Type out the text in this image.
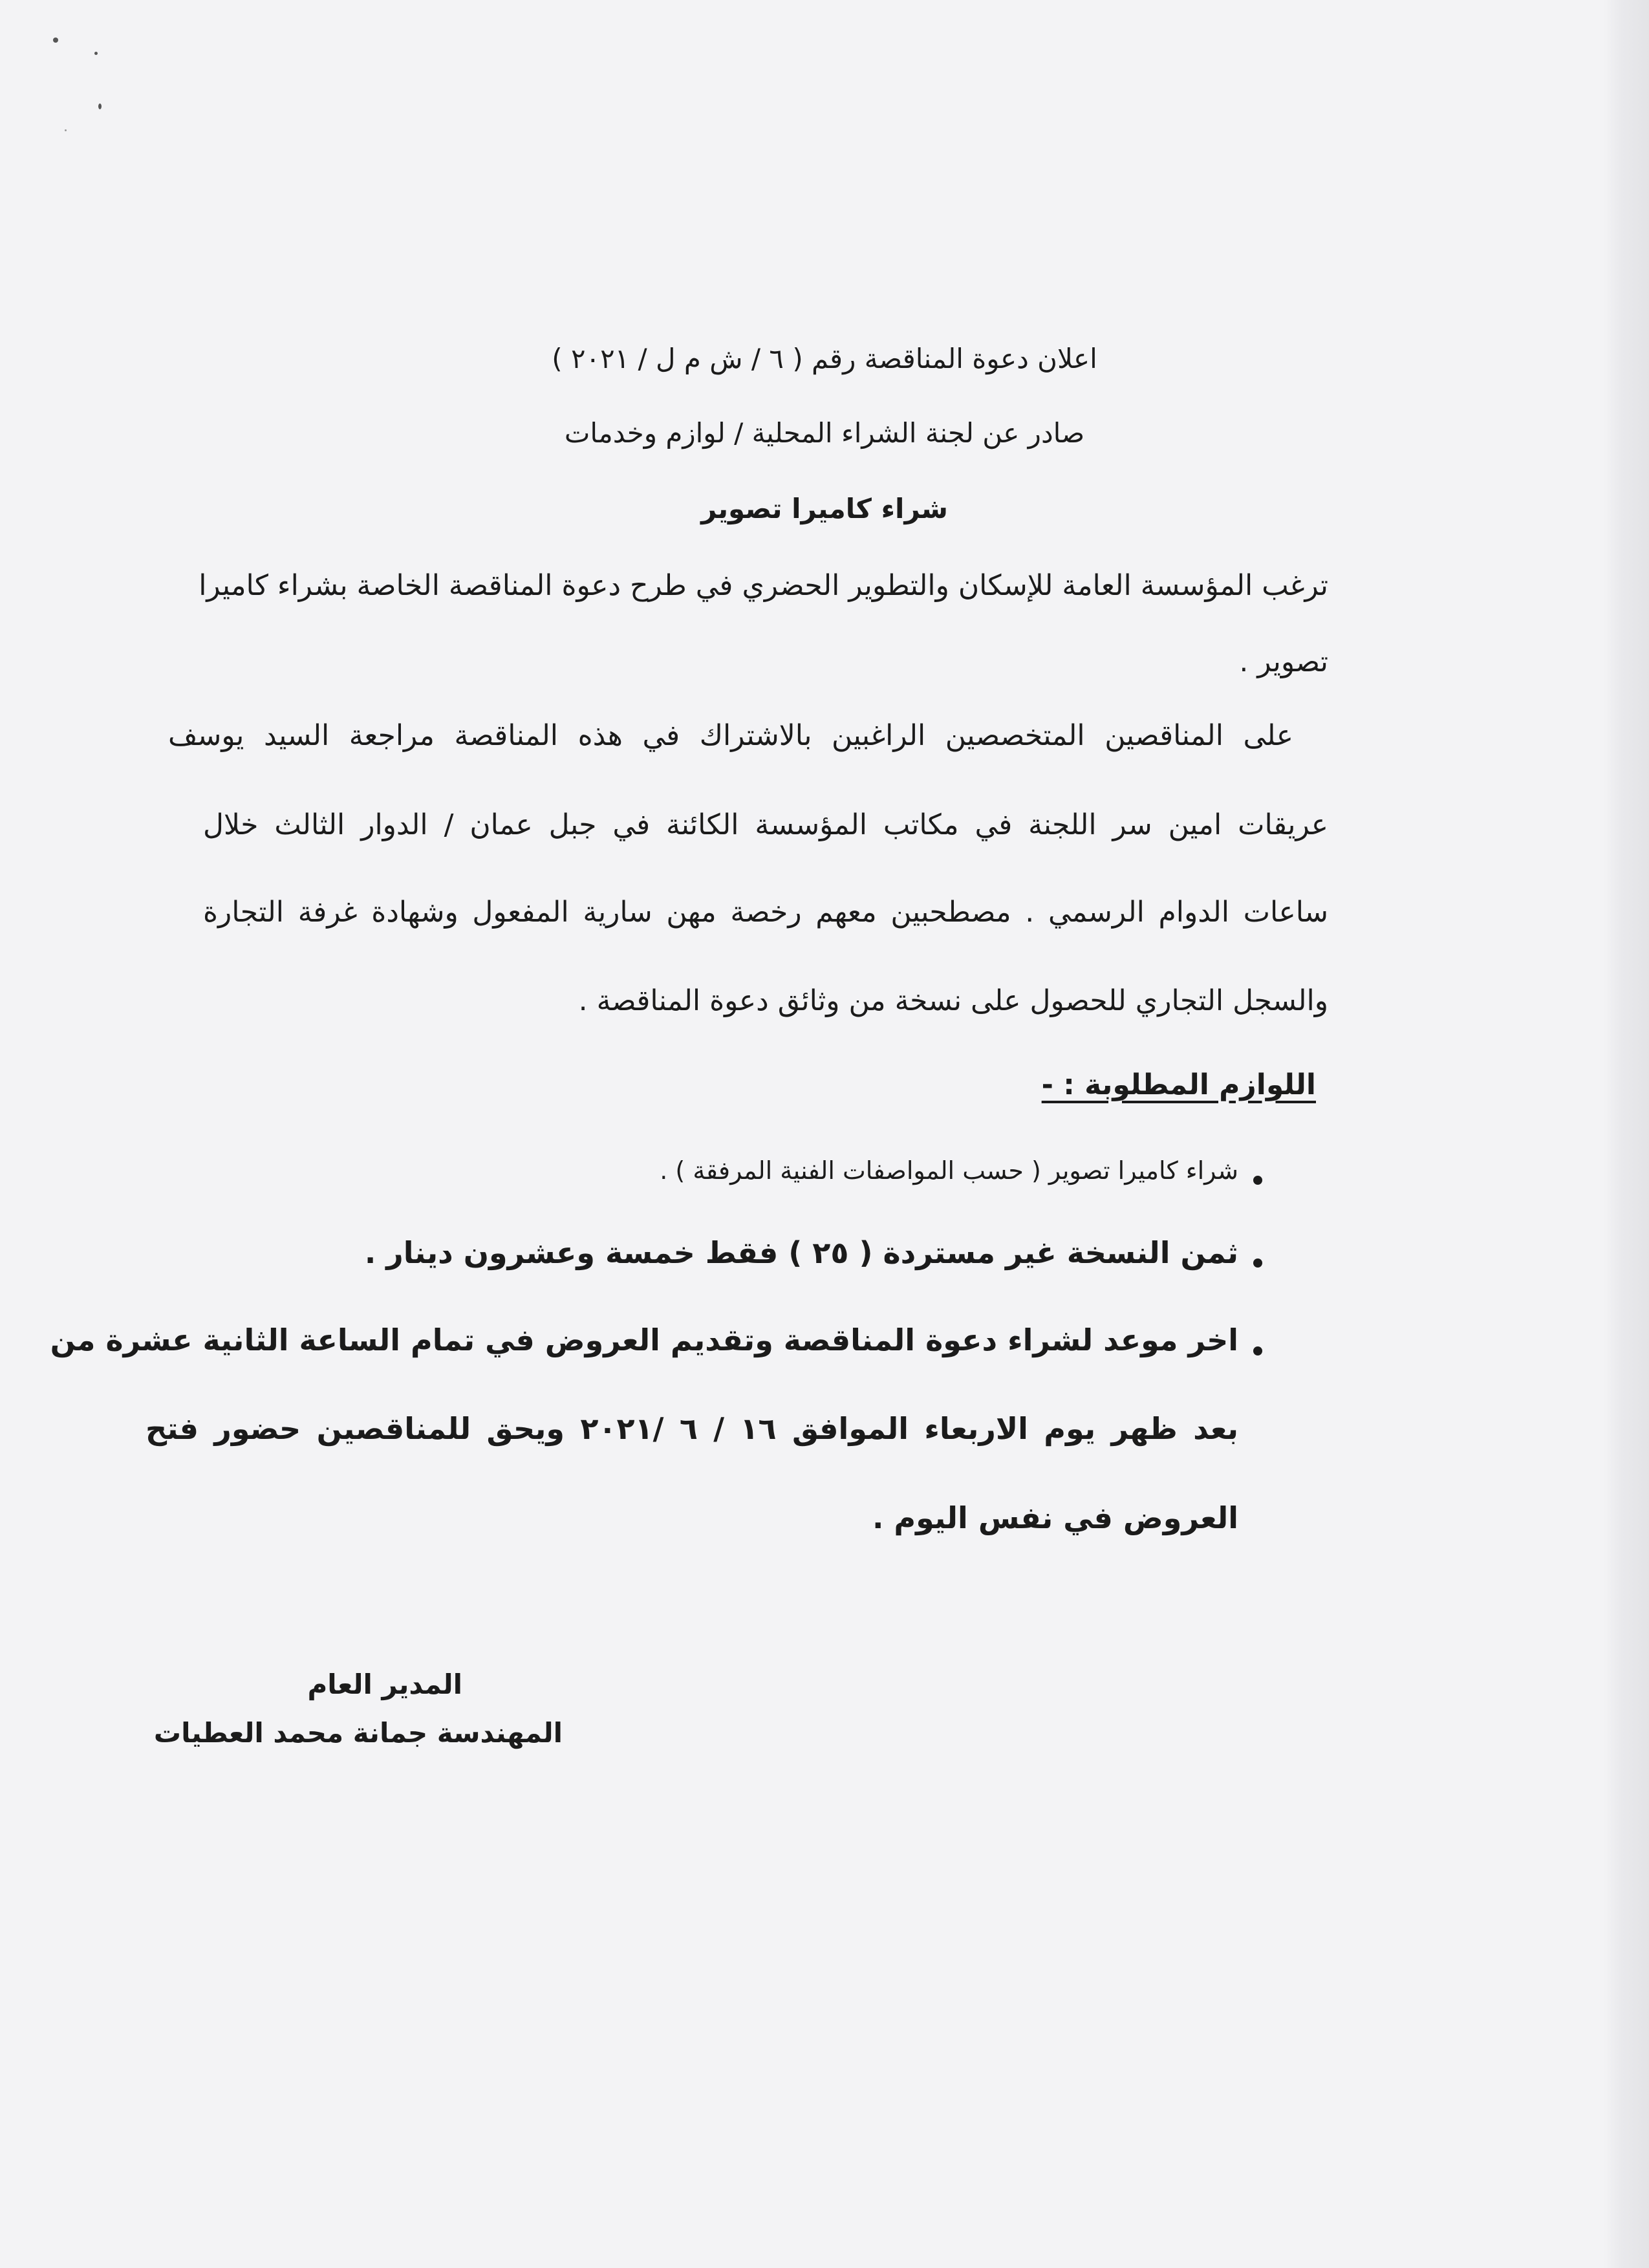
اعلان دعوة المناقصة رقم ( ٦ / ش م ل / ٢٠٢١ )
صادر عن لجنة الشراء المحلية / لوازم وخدمات
شراء كاميرا تصوير
ترغب المؤسسة العامة للإسكان والتطوير الحضري في طرح دعوة المناقصة الخاصة بشراء كاميرا
تصوير .
على المناقصين المتخصصين الراغبين بالاشتراك في هذه المناقصة مراجعة السيد يوسف
عريقات امين سر اللجنة في مكاتب المؤسسة الكائنة في جبل عمان / الدوار الثالث خلال
ساعات الدوام الرسمي . مصطحبين معهم رخصة مهن سارية المفعول وشهادة غرفة التجارة
والسجل التجاري للحصول على نسخة من وثائق دعوة المناقصة .
اللوازم المطلوبة : -
شراء كاميرا تصوير ( حسب المواصفات الفنية المرفقة ) .
ثمن النسخة غير مستردة ( ٢٥ ) فقط خمسة وعشرون دينار .
اخر موعد لشراء دعوة المناقصة وتقديم العروض في تمام الساعة الثانية عشرة من
بعد ظهر يوم الاربعاء الموافق ١٦ / ٦ /٢٠٢١ ويحق للمناقصين حضور فتح
العروض في نفس اليوم .
المدير العام
المهندسة جمانة محمد العطيات
